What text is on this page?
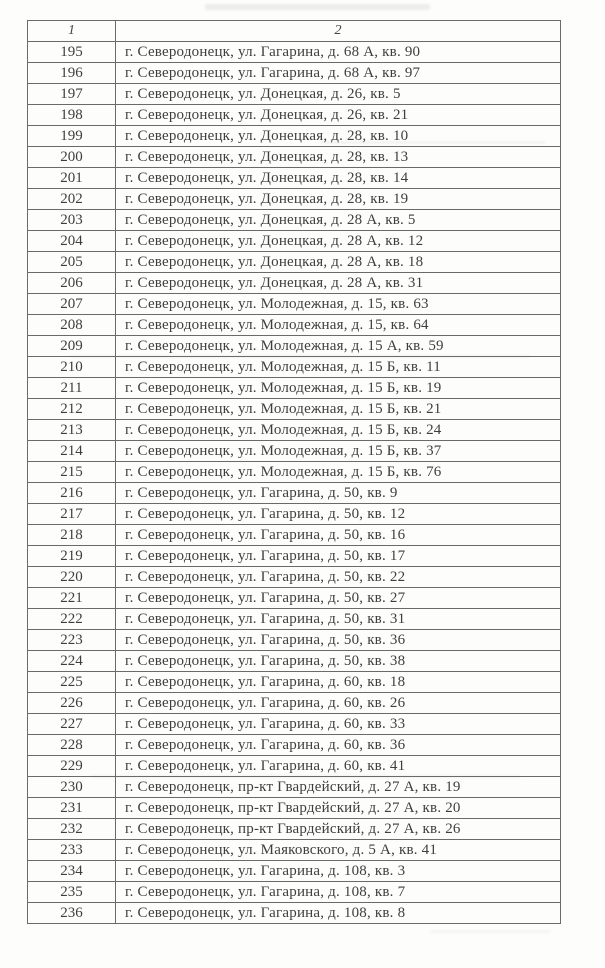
1	2
195	г. Северодонецк, ул. Гагарина, д. 68 А, кв. 90
196	г. Северодонецк, ул. Гагарина, д. 68 А, кв. 97
197	г. Северодонецк, ул. Донецкая, д. 26, кв. 5
198	г. Северодонецк, ул. Донецкая, д. 26, кв. 21
199	г. Северодонецк, ул. Донецкая, д. 28, кв. 10
200	г. Северодонецк, ул. Донецкая, д. 28, кв. 13
201	г. Северодонецк, ул. Донецкая, д. 28, кв. 14
202	г. Северодонецк, ул. Донецкая, д. 28, кв. 19
203	г. Северодонецк, ул. Донецкая, д. 28 А, кв. 5
204	г. Северодонецк, ул. Донецкая, д. 28 А, кв. 12
205	г. Северодонецк, ул. Донецкая, д. 28 А, кв. 18
206	г. Северодонецк, ул. Донецкая, д. 28 А, кв. 31
207	г. Северодонецк, ул. Молодежная, д. 15, кв. 63
208	г. Северодонецк, ул. Молодежная, д. 15, кв. 64
209	г. Северодонецк, ул. Молодежная, д. 15 А, кв. 59
210	г. Северодонецк, ул. Молодежная, д. 15 Б, кв. 11
211	г. Северодонецк, ул. Молодежная, д. 15 Б, кв. 19
212	г. Северодонецк, ул. Молодежная, д. 15 Б, кв. 21
213	г. Северодонецк, ул. Молодежная, д. 15 Б, кв. 24
214	г. Северодонецк, ул. Молодежная, д. 15 Б, кв. 37
215	г. Северодонецк, ул. Молодежная, д. 15 Б, кв. 76
216	г. Северодонецк, ул. Гагарина, д. 50, кв. 9
217	г. Северодонецк, ул. Гагарина, д. 50, кв. 12
218	г. Северодонецк, ул. Гагарина, д. 50, кв. 16
219	г. Северодонецк, ул. Гагарина, д. 50, кв. 17
220	г. Северодонецк, ул. Гагарина, д. 50, кв. 22
221	г. Северодонецк, ул. Гагарина, д. 50, кв. 27
222	г. Северодонецк, ул. Гагарина, д. 50, кв. 31
223	г. Северодонецк, ул. Гагарина, д. 50, кв. 36
224	г. Северодонецк, ул. Гагарина, д. 50, кв. 38
225	г. Северодонецк, ул. Гагарина, д. 60, кв. 18
226	г. Северодонецк, ул. Гагарина, д. 60, кв. 26
227	г. Северодонецк, ул. Гагарина, д. 60, кв. 33
228	г. Северодонецк, ул. Гагарина, д. 60, кв. 36
229	г. Северодонецк, ул. Гагарина, д. 60, кв. 41
230	г. Северодонецк, пр-кт Гвардейский, д. 27 А, кв. 19
231	г. Северодонецк, пр-кт Гвардейский, д. 27 А, кв. 20
232	г. Северодонецк, пр-кт Гвардейский, д. 27 А, кв. 26
233	г. Северодонецк, ул. Маяковского, д. 5 А, кв. 41
234	г. Северодонецк, ул. Гагарина, д. 108, кв. 3
235	г. Северодонецк, ул. Гагарина, д. 108, кв. 7
236	г. Северодонецк, ул. Гагарина, д. 108, кв. 8
